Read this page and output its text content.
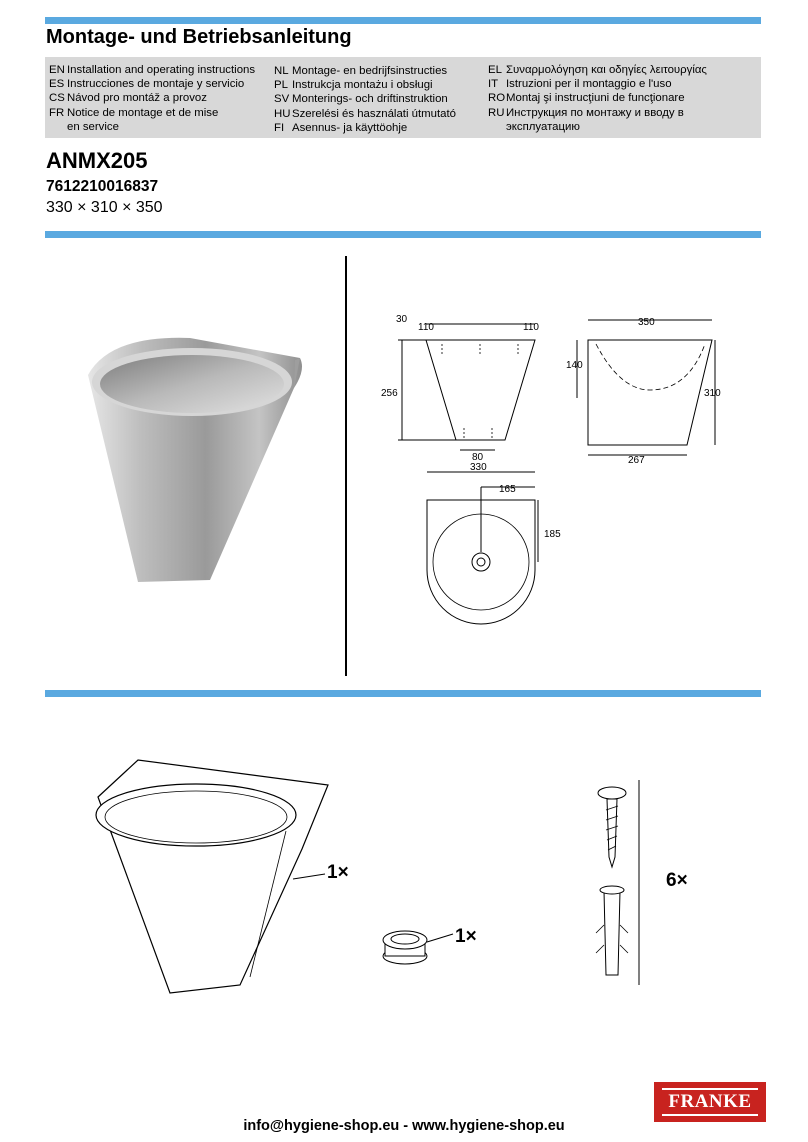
Montage- und Betriebsanleitung
EN Installation and operating instructions
ES Instrucciones de montaje y servicio
CS Návod pro montáž a provoz
FR Notice de montage et de mise
en service
NL Montage- en bedrijfsinstructies
PL Instrukcja montażu i obsługi
SV Monterings- och driftinstruktion
HU Szerelési és használati útmutató
FI Asennus- ja käyttöohje
EL Συναρμολόγηση και οδηγίες λειτουργίας
IT Istruzioni per il montaggio e l'uso
RO Montaj şi instrucţiuni de funcţionare
RU Инструкция по монтажу и вводу в
эксплуатацию
ANMX205
7612210016837
330 × 310 × 350
30
110	110
256
80
350
140
310
267
330
165
185
1×
1×
6×
FRANKE
info@hygiene-shop.eu - www.hygiene-shop.eu
